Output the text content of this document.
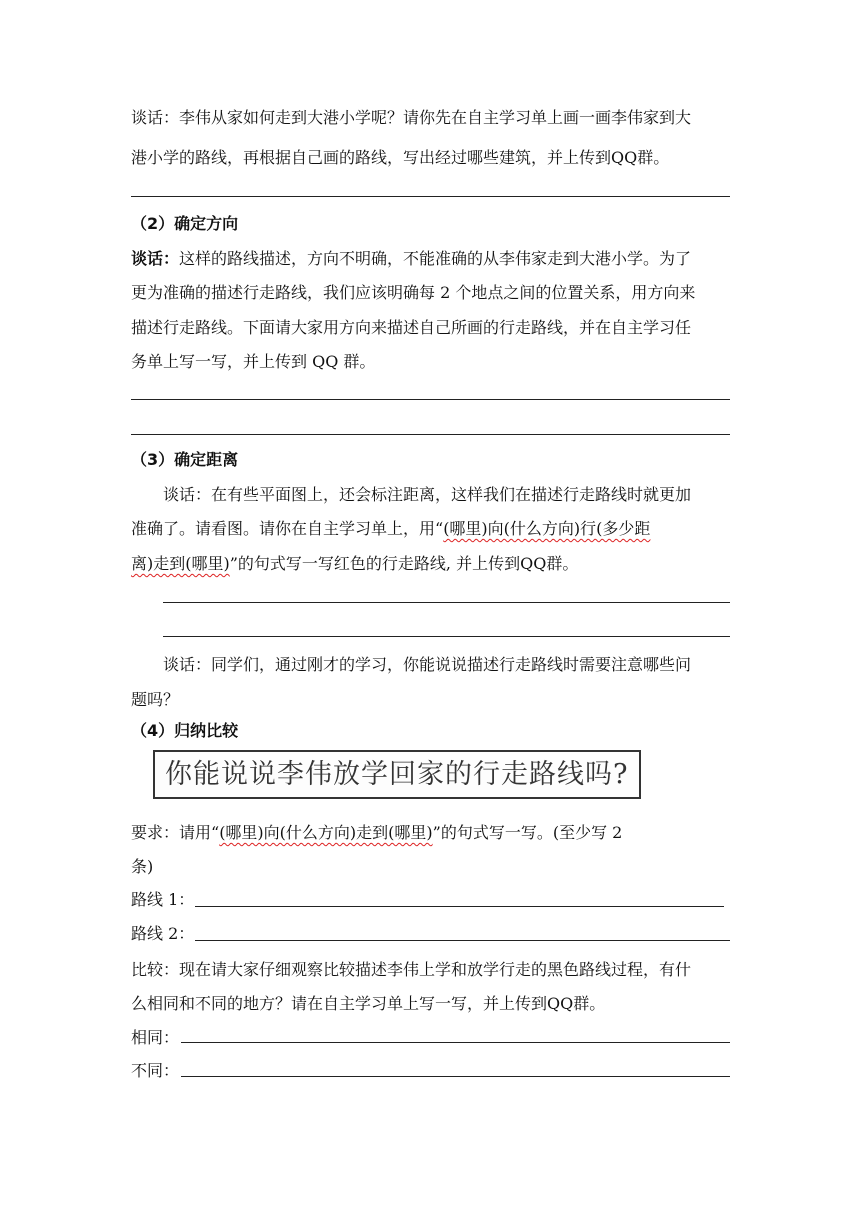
谈话：李伟从家如何走到大港小学呢？请你先在自主学习单上画一画李伟家到大
港小学的路线，再根据自己画的路线，写出经过哪些建筑，并上传到QQ群。
（2）确定方向
谈话：这样的路线描述，方向不明确，不能准确的从李伟家走到大港小学。为了
更为准确的描述行走路线，我们应该明确每 2 个地点之间的位置关系，用方向来
描述行走路线。下面请大家用方向来描述自己所画的行走路线，并在自主学习任
务单上写一写，并上传到 QQ 群。
（3）确定距离
谈话：在有些平面图上，还会标注距离，这样我们在描述行走路线时就更加
准确了。请看图。请你在自主学习单上，用“(哪里)向(什么方向)行(多少距
离)走到(哪里)”的句式写一写红色的行走路线, 并上传到QQ群。
谈话：同学们，通过刚才的学习，你能说说描述行走路线时需要注意哪些问
题吗？
（4）归纳比较
你能说说李伟放学回家的行走路线吗?
要求：请用“(哪里)向(什么方向)走到(哪里)”的句式写一写。(至少写 2
条)
路线 1：
路线 2：
比较：现在请大家仔细观察比较描述李伟上学和放学行走的黑色路线过程，有什
么相同和不同的地方？请在自主学习单上写一写，并上传到QQ群。
相同：
不同：
